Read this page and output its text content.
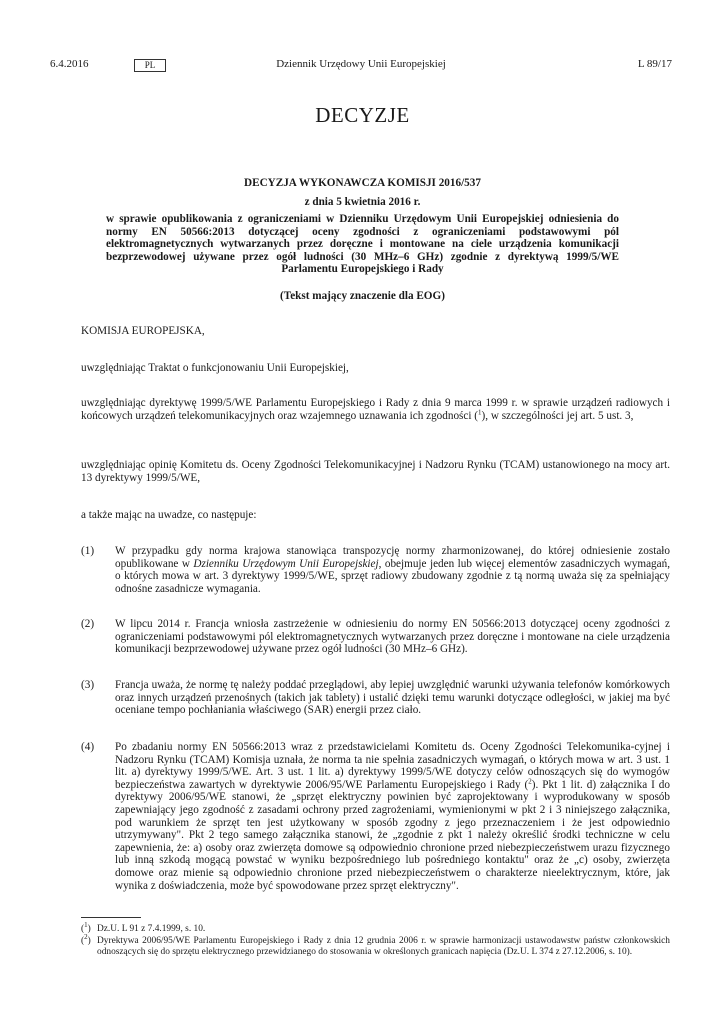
6.4.2016	PL	Dziennik Urzędowy Unii Europejskiej	L 89/17
DECYZJE
DECYZJA WYKONAWCZA KOMISJI 2016/537
z dnia 5 kwietnia 2016 r.
w sprawie opublikowania z ograniczeniami w Dzienniku Urzędowym Unii Europejskiej odniesienia do normy EN 50566:2013 dotyczącej oceny zgodności z ograniczeniami podstawowymi pól elektromagnetycznych wytwarzanych przez doręczne i montowane na ciele urządzenia komunikacji bezprzewodowej używane przez ogół ludności (30 MHz–6 GHz) zgodnie z dyrektywą 1999/5/WE Parlamentu Europejskiego i Rady
(Tekst mający znaczenie dla EOG)

KOMISJA EUROPEJSKA,

uwzględniając Traktat o funkcjonowaniu Unii Europejskiej,

uwzględniając dyrektywę 1999/5/WE Parlamentu Europejskiego i Rady z dnia 9 marca 1999 r. w sprawie urządzeń radiowych i końcowych urządzeń telekomunikacyjnych oraz wzajemnego uznawania ich zgodności ($^1$), w szczególności jej art. 5 ust. 3,

uwzględniając opinię Komitetu ds. Oceny Zgodności Telekomunikacyjnej i Nadzoru Rynku (TCAM) ustanowionego na mocy art. 13 dyrektywy 1999/5/WE,

a także mając na uwadze, co następuje:

(1) W przypadku gdy norma krajowa stanowiąca transpozycję normy zharmonizowanej, do której odniesienie zostało opublikowane w Dzienniku Urzędowym Unii Europejskiej, obejmuje jeden lub więcej elementów zasadniczych wymagań, o których mowa w art. 3 dyrektywy 1999/5/WE, sprzęt radiowy zbudowany zgodnie z tą normą uważa się za spełniający odnośne zasadnicze wymagania.
(2) W lipcu 2014 r. Francja wniosła zastrzeżenie w odniesieniu do normy EN 50566:2013 dotyczącej oceny zgodności z ograniczeniami podstawowymi pól elektromagnetycznych wytwarzanych przez doręczne i montowane na ciele urządzenia komunikacji bezprzewodowej używane przez ogół ludności (30 MHz–6 GHz).
(3) Francja uważa, że normę tę należy poddać przeglądowi, aby lepiej uwzględnić warunki używania telefonów komórkowych oraz innych urządzeń przenośnych (takich jak tablety) i ustalić dzięki temu warunki dotyczące odległości, w jakiej ma być oceniane tempo pochłaniania właściwego (SAR) energii przez ciało.
(4) Po zbadaniu normy EN 50566:2013 wraz z przedstawicielami Komitetu ds. Oceny Zgodności Telekomunika-cyjnej i Nadzoru Rynku (TCAM) Komisja uznała, że norma ta nie spełnia zasadniczych wymagań, o których mowa w art. 3 ust. 1 lit. a) dyrektywy 1999/5/WE. Art. 3 ust. 1 lit. a) dyrektywy 1999/5/WE dotyczy celów odnoszących się do wymogów bezpieczeństwa zawartych w dyrektywie 2006/95/WE Parlamentu Europejskiego i Rady ($^2$). Pkt 1 lit. d) załącznika I do dyrektywy 2006/95/WE stanowi, że „sprzęt elektryczny powinien być zaprojektowany i wyprodukowany w sposób zapewniający jego zgodność z zasadami ochrony przed zagrożeniami, wymienionymi w pkt 2 i 3 niniejszego załącznika, pod warunkiem że sprzęt ten jest użytkowany w sposób zgodny z jego przeznaczeniem i że jest odpowiednio utrzymywany". Pkt 2 tego samego załącznika stanowi, że „zgodnie z pkt 1 należy określić środki techniczne w celu zapewnienia, że: a) osoby oraz zwierzęta domowe są odpowiednio chronione przed niebezpieczeństwem urazu fizycznego lub inną szkodą mogącą powstać w wyniku bezpośredniego lub pośredniego kontaktu" oraz że „c) osoby, zwierzęta domowe oraz mienie są odpowiednio chronione przed niebezpieczeństwem o charakterze nieelektrycznym, które, jak wynika z doświadczenia, może być spowodowane przez sprzęt elektryczny".
($^1$) Dz.U. L 91 z 7.4.1999, s. 10.
($^2$) Dyrektywa 2006/95/WE Parlamentu Europejskiego i Rady z dnia 12 grudnia 2006 r. w sprawie harmonizacji ustawodawstw państw członkowskich odnoszących się do sprzętu elektrycznego przewidzianego do stosowania w określonych granicach napięcia (Dz.U. L 374 z 27.12.2006, s. 10).
